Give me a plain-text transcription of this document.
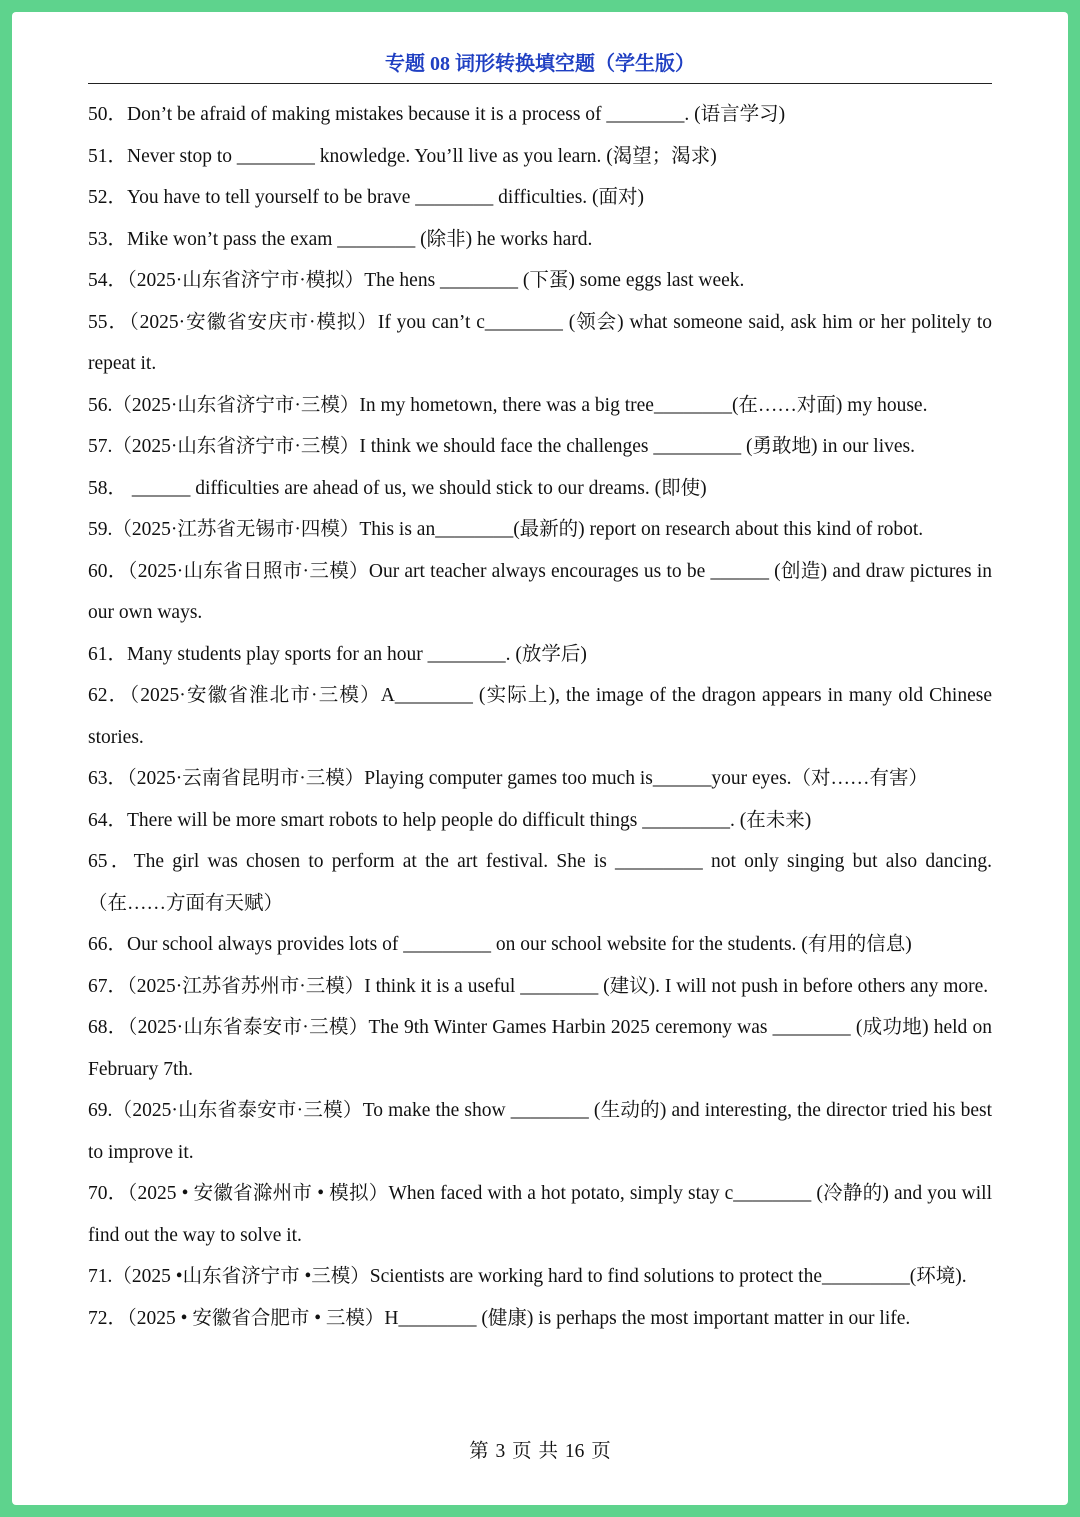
专题 08 词形转换填空题（学生版）
50．Don’t be afraid of making mistakes because it is a process of ________. (语言学习)
51．Never stop to ________ knowledge. You’ll live as you learn. (渴望；渴求)
52．You have to tell yourself to be brave ________ difficulties. (面对)
53．Mike won’t pass the exam ________ (除非) he works hard.
54．（2025·山东省济宁市·模拟）The hens ________ (下蛋) some eggs last week.
55．（2025·安徽省安庆市·模拟）If you can’t c________ (领会) what someone said, ask him or her politely to repeat it.
56.（2025·山东省济宁市·三模）In my hometown, there was a big tree________(在……对面) my house.
57.（2025·山东省济宁市·三模）I think we should face the challenges _________ (勇敢地) in our lives.
58． ______ difficulties are ahead of us, we should stick to our dreams. (即使)
59.（2025·江苏省无锡市·四模）This is an________(最新的) report on research about this kind of robot.
60．（2025·山东省日照市·三模）Our art teacher always encourages us to be ______ (创造) and draw pictures in our own ways.
61．Many students play sports for an hour ________. (放学后)
62．（2025·安徽省淮北市·三模）A________ (实际上), the image of the dragon appears in many old Chinese stories.
63．（2025·云南省昆明市·三模）Playing computer games too much is______your eyes.（对……有害）
64．There will be more smart robots to help people do difficult things _________. (在未来)
65．The girl was chosen to perform at the art festival. She is _________ not only singing but also dancing.（在……方面有天赋）
66．Our school always provides lots of _________ on our school website for the students. (有用的信息)
67．（2025·江苏省苏州市·三模）I think it is a useful ________ (建议). I will not push in before others any more.
68．（2025·山东省泰安市·三模）The 9th Winter Games Harbin 2025 ceremony was ________ (成功地) held on February 7th.
69.（2025·山东省泰安市·三模）To make the show ________ (生动的) and interesting, the director tried his best to improve it.
70．（2025 • 安徽省滁州市 • 模拟）When faced with a hot potato, simply stay c________ (冷静的) and you will find out the way to solve it.
71.（2025 •山东省济宁市 •三模）Scientists are working hard to find solutions to protect the_________(环境).
72．（2025 • 安徽省合肥市 • 三模）H________ (健康) is perhaps the most important matter in our life.
第 3 页 共 16 页
